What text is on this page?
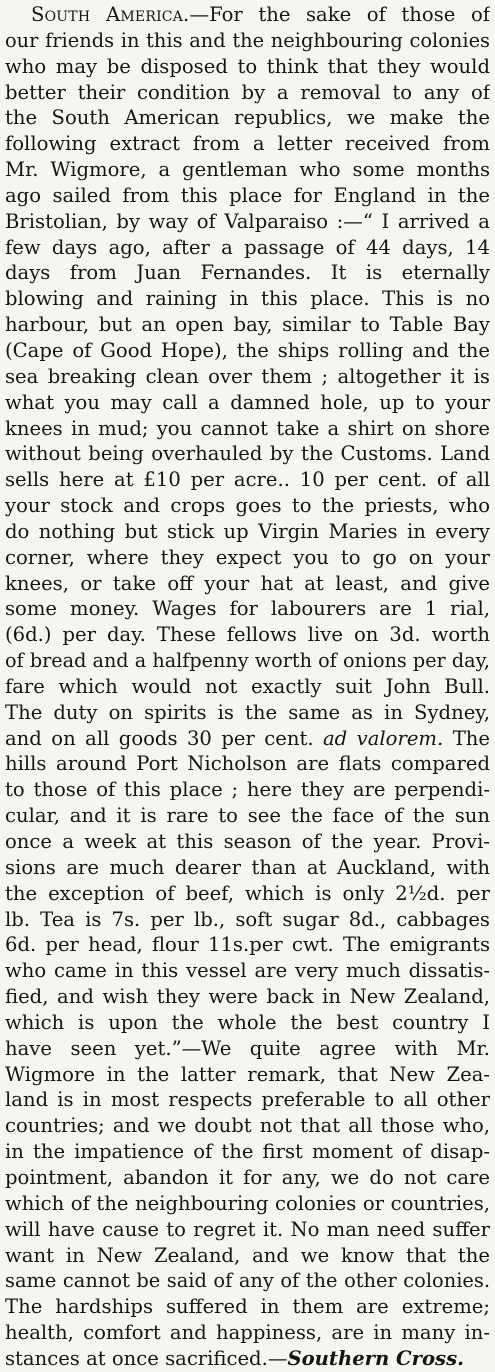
South America.—For the sake of those of
our friends in this and the neighbouring colonies
who may be disposed to think that they would
better their condition by a removal to any of
the South American republics, we make the
following extract from a letter received from
Mr. Wigmore, a gentleman who some months
ago sailed from this place for England in the
Bristolian, by way of Valparaiso :—“ I arrived a
few days ago, after a passage of 44 days, 14
days from Juan Fernandes. It is eternally
blowing and raining in this place. This is no
harbour, but an open bay, similar to Table Bay
(Cape of Good Hope), the ships rolling and the
sea breaking clean over them ; altogether it is
what you may call a damned hole, up to your
knees in mud; you cannot take a shirt on shore
without being overhauled by the Customs. Land
sells here at £10 per acre.. 10 per cent. of all
your stock and crops goes to the priests, who
do nothing but stick up Virgin Maries in every
corner, where they expect you to go on your
knees, or take off your hat at least, and give
some money. Wages for labourers are 1 rial,
(6d.) per day. These fellows live on 3d. worth
of bread and a halfpenny worth of onions per day,
fare which would not exactly suit John Bull.
The duty on spirits is the same as in Sydney,
and on all goods 30 per cent. ad valorem. The
hills around Port Nicholson are flats compared
to those of this place ; here they are perpendi-
cular, and it is rare to see the face of the sun
once a week at this season of the year. Provi-
sions are much dearer than at Auckland, with
the exception of beef, which is only 2½d. per
lb. Tea is 7s. per lb., soft sugar 8d., cabbages
6d. per head, flour 11s.per cwt. The emigrants
who came in this vessel are very much dissatis-
fied, and wish they were back in New Zealand,
which is upon the whole the best country I
have seen yet.”—We quite agree with Mr.
Wigmore in the latter remark, that New Zea-
land is in most respects preferable to all other
countries; and we doubt not that all those who,
in the impatience of the first moment of disap-
pointment, abandon it for any, we do not care
which of the neighbouring colonies or countries,
will have cause to regret it. No man need suffer
want in New Zealand, and we know that the
same cannot be said of any of the other colonies.
The hardships suffered in them are extreme;
health, comfort and happiness, are in many in-
stances at once sacrificed.—Southern Cross.
